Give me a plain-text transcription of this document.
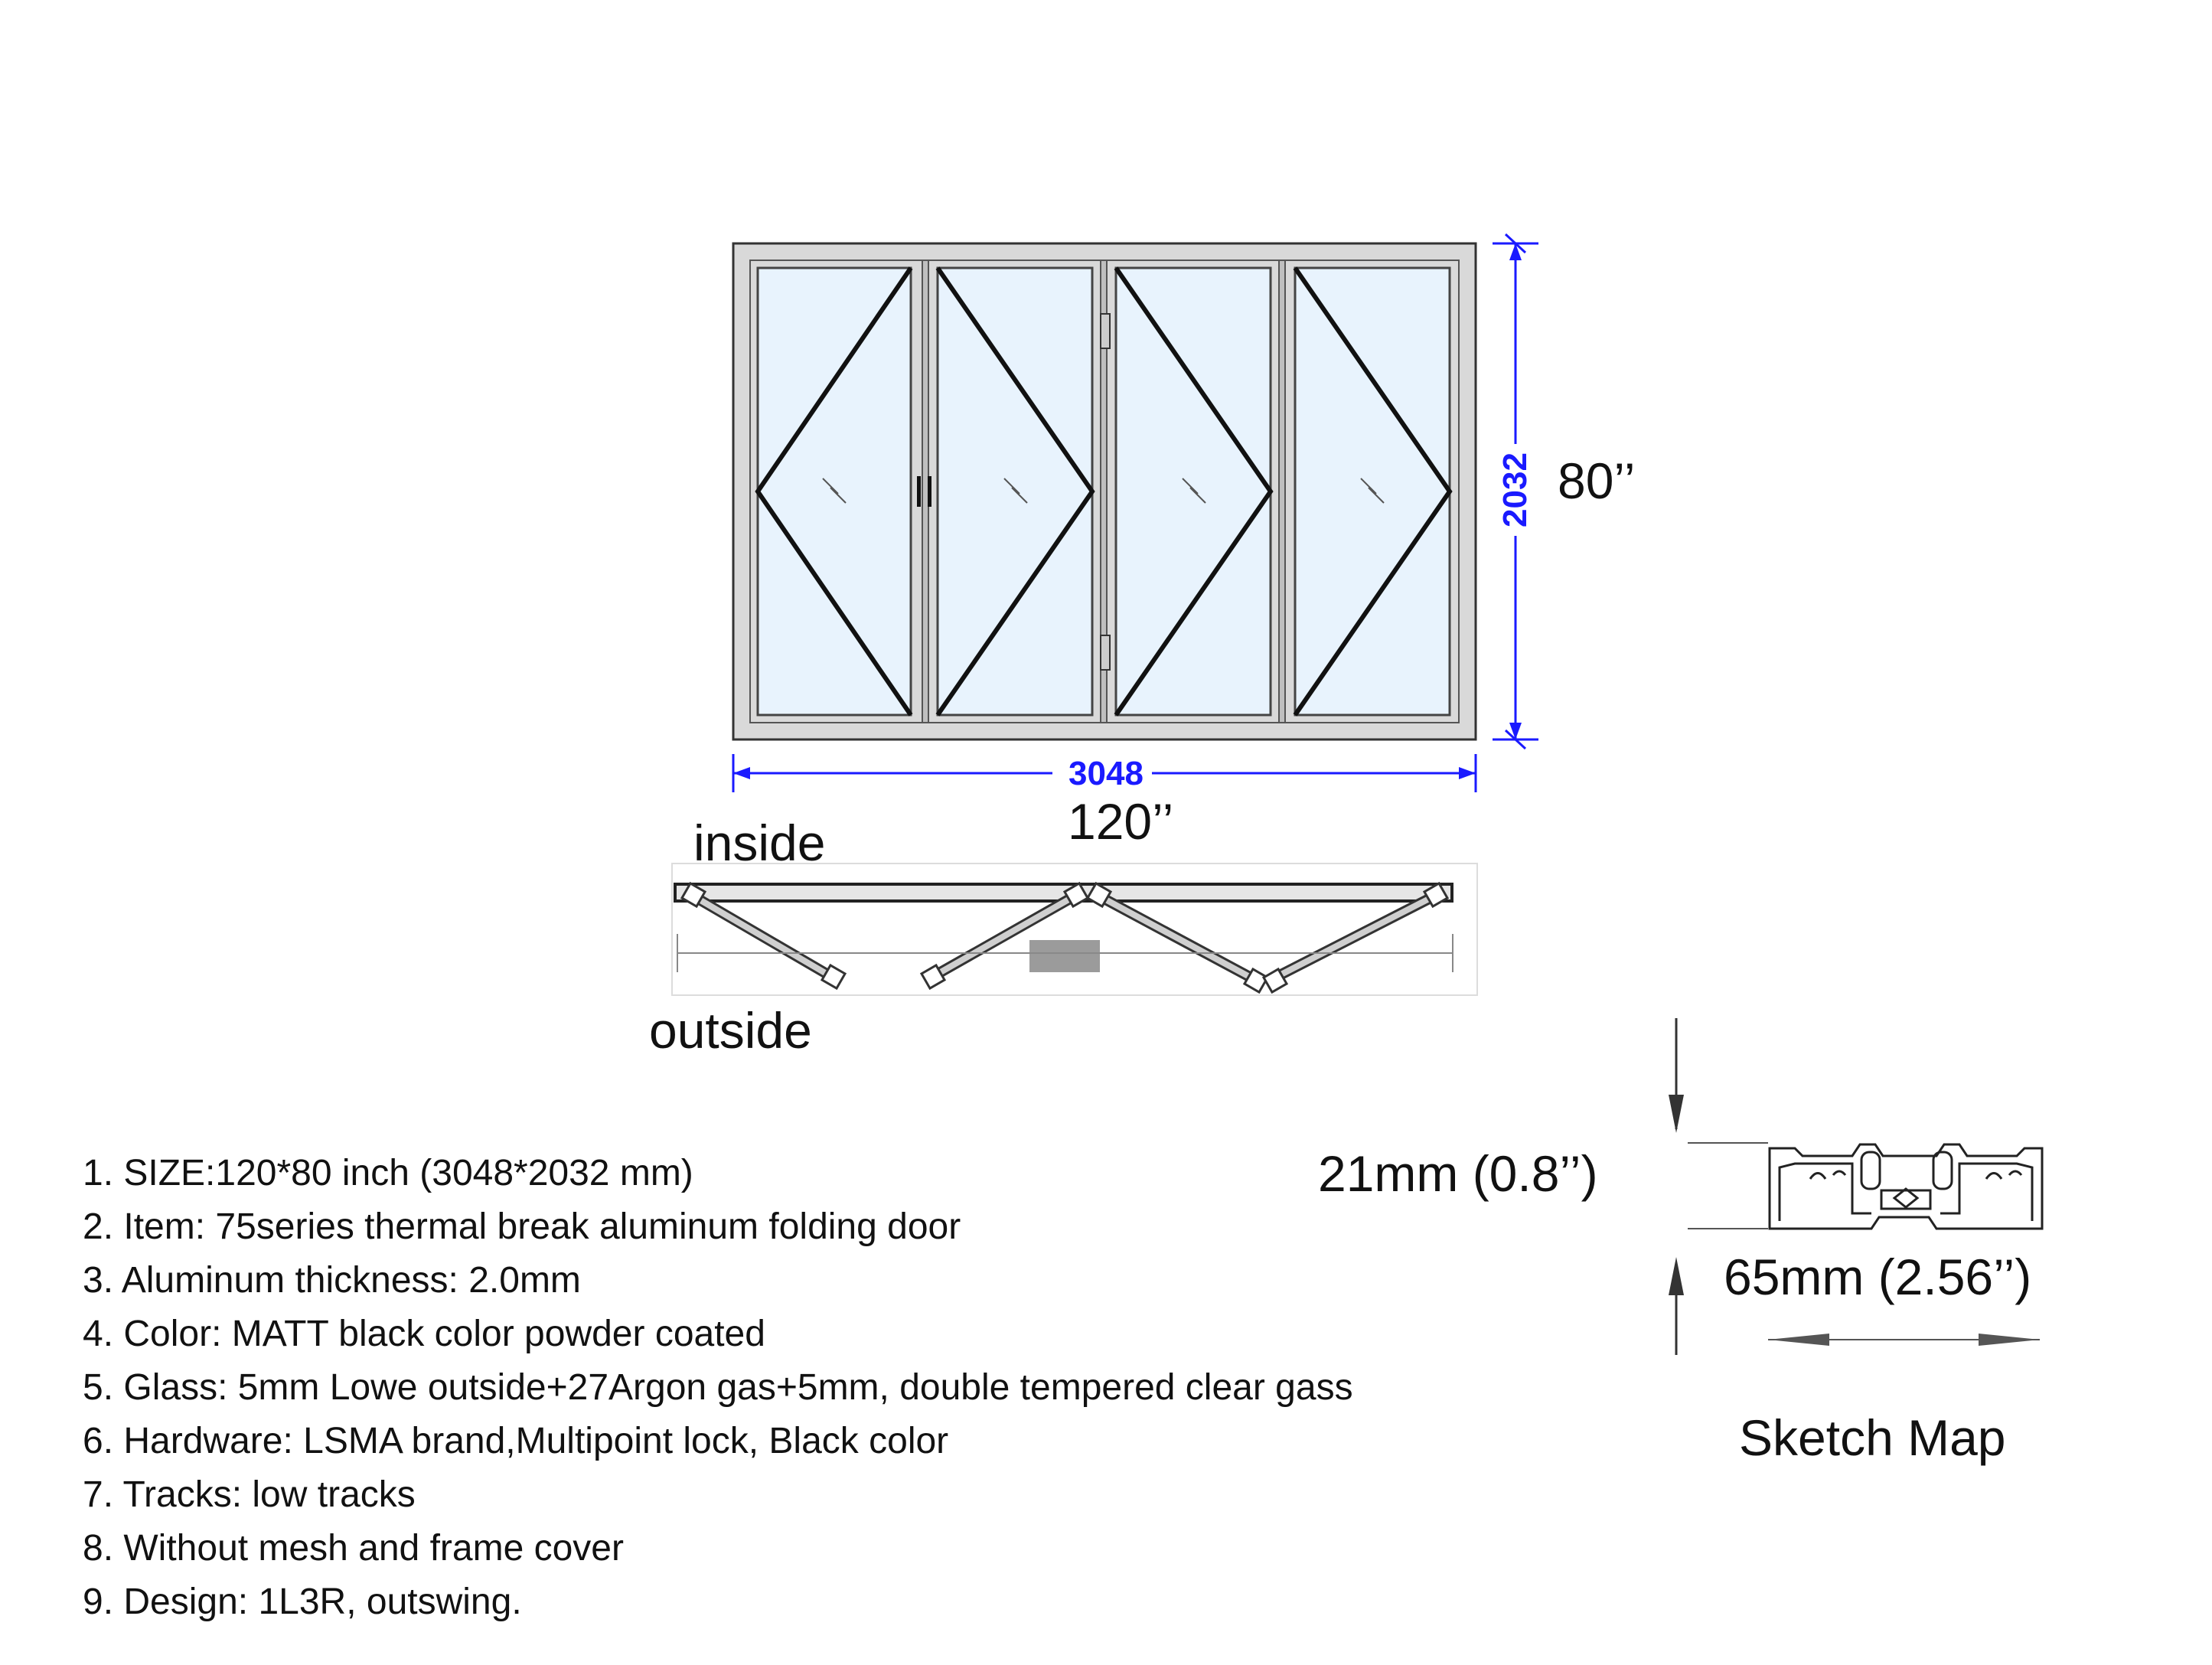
3048
2032 80’’
120’’
inside
outside
21mm (0.8’’)
65mm (2.56’’)
Sketch Map
1. SIZE:120*80 inch (3048*2032 mm)
2. Item: 75series thermal break aluminum folding door
3. Aluminum thickness: 2.0mm
4. Color: MATT black color powder coated
5. Glass: 5mm Lowe outside+27Argon gas+5mm, double tempered clear gass
6. Hardware: LSMA brand,Multipoint lock, Black color
7. Tracks: low tracks
8. Without mesh and frame cover
9. Design: 1L3R, outswing.
